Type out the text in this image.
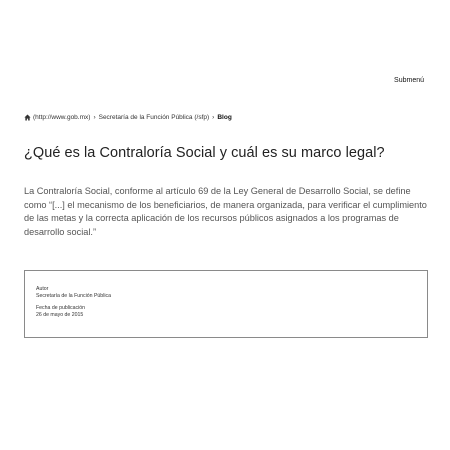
Submenú
(http://www.gob.mx) › Secretaría de la Función Pública (/sfp) › Blog
¿Qué es la Contraloría Social y cuál es su marco legal?

La Contraloría Social, conforme al artículo 69 de la Ley General de Desarrollo Social, se define como “[...] el mecanismo de los beneficiarios, de manera organizada, para verificar el cumplimiento de las metas y la correcta aplicación de los recursos públicos asignados a los programas de desarrollo social.”

Autor
Secretaría de la Función Pública
Fecha de publicación
26 de mayo de 2015
